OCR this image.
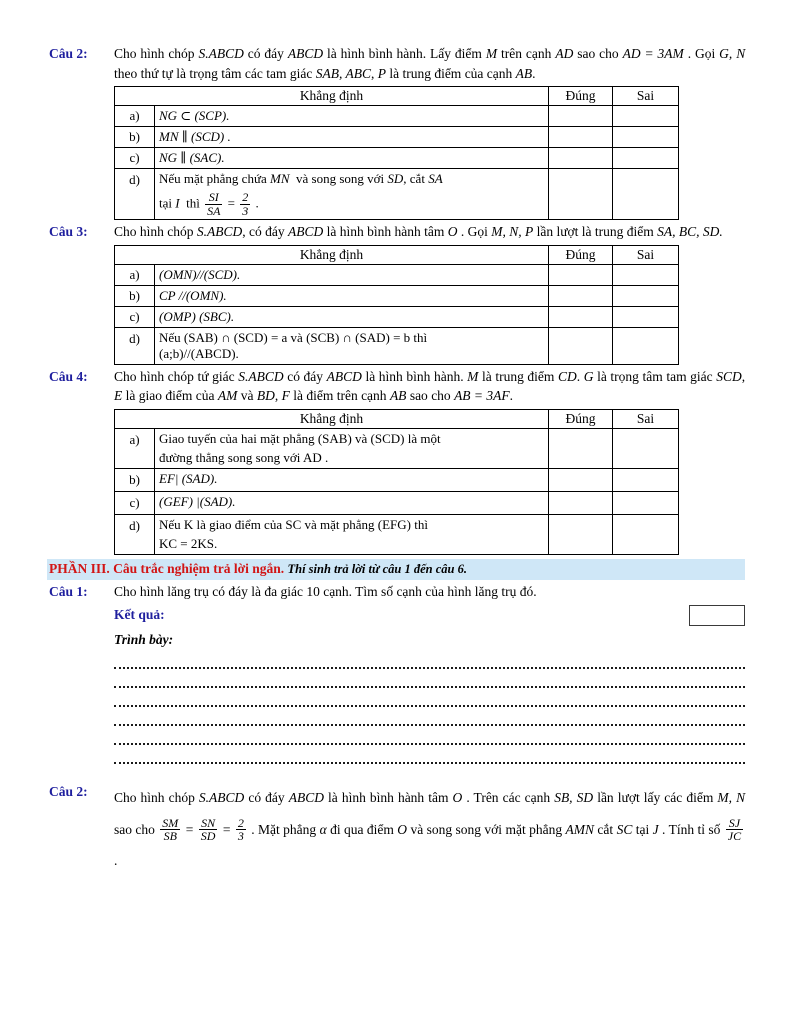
Câu 2:	Cho hình chóp S.ABCD có đáy ABCD là hình bình hành. Lấy điểm M trên cạnh AD sao cho AD = 3AM . Gọi G, N theo thứ tự là trọng tâm các tam giác SAB, ABC, P là trung điểm của cạnh AB.

Khẳng định		Đúng	Sai
a)	NG ⊂ (SCP).		
b)	MN ∥ (SCD) .		
c)	NG ∥ (SAC).		
d)	Nếu mặt phẳng chứa MN  và song song với SD, cắt SA
tại I  thì $\frac{SI}{SA} = \frac{2}{3}$ .

Câu 3:	Cho hình chóp S.ABCD, có đáy ABCD là hình bình hành tâm O . Gọi M, N, P lần lượt là trung điểm SA, BC, SD.

Khẳng định		Đúng	Sai
a)	(OMN)//(SCD).		
b)	CP //(OMN).		
c)	(OMP) (SBC).		
d)	Nếu (SAB) ∩ (SCD) = a và (SCB) ∩ (SAD) = b thì
(a;b)//(ABCD).		

Câu 4:	Cho hình chóp tứ giác S.ABCD có đáy ABCD là hình bình hành. M là trung điểm CD. G là trọng tâm tam giác SCD, E là giao điểm của AM và BD, F là điểm trên cạnh AB sao cho AB = 3AF.

Khẳng định		Đúng	Sai
a)	Giao tuyến của hai mặt phẳng (SAB) và (SCD) là một
đường thẳng song song với AD .		

b)	EF| (SAD).		
c)	(GEF) |(SAD).		
d)	Nếu K là giao điểm của SC và mặt phẳng (EFG) thì
KC = 2KS.		

PHẦN III. Câu trắc nghiệm trả lời ngắn. Thí sinh trả lời từ câu 1 đến câu 6.
Câu 1:	Cho hình lăng trụ có đáy là đa giác 10 cạnh. Tìm số cạnh của hình lăng trụ đó.
Kết quả:
Trình bày:
Câu 2:	Cho hình chóp S.ABCD có đáy ABCD là hình bình hành tâm O . Trên các cạnh SB, SD lần lượt lấy các điểm M, N sao cho $\frac{SM}{SB} = \frac{SN}{SD} = \frac{2}{3}$ . Mặt phẳng α đi qua điểm O và song song với mặt phẳng AMN cắt SC tại J . Tính tỉ số $\frac{SJ}{JC}$
.
